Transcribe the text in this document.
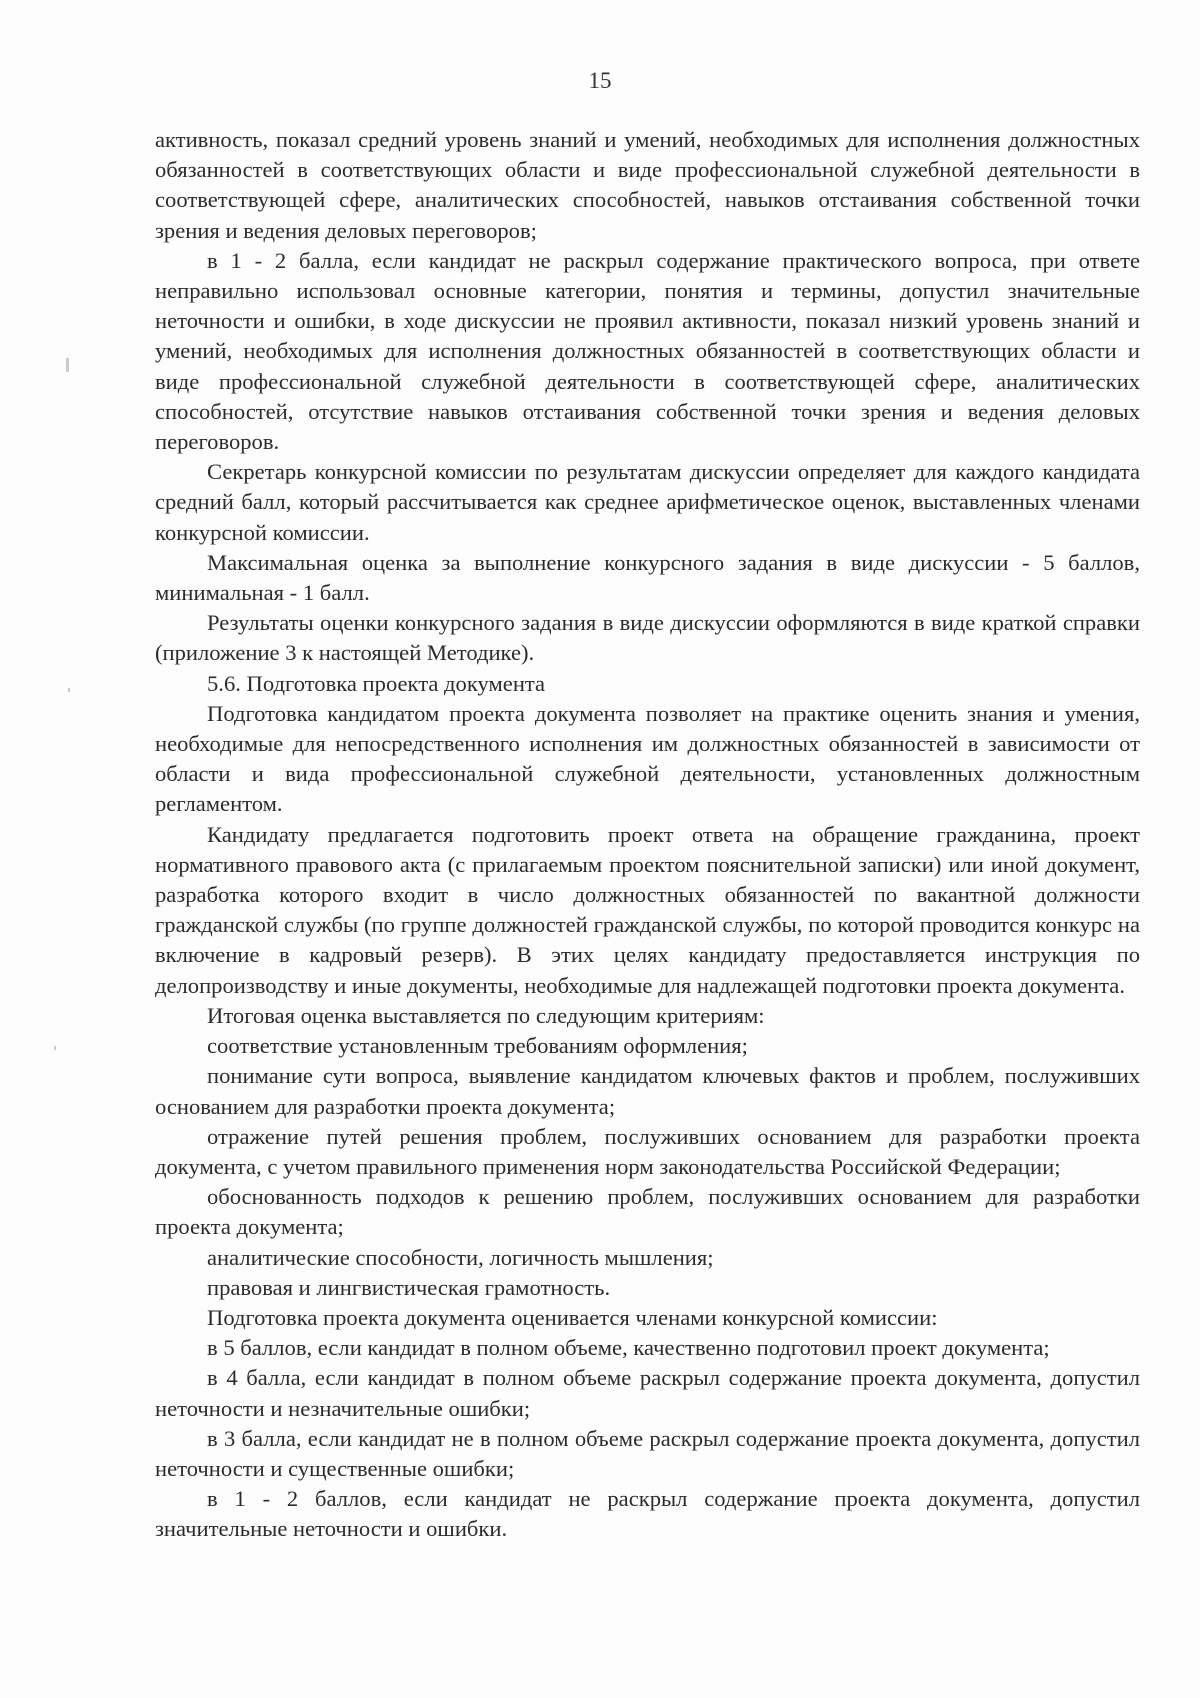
15

активность, показал средний уровень знаний и умений, необходимых для исполнения должностных обязанностей в соответствующих области и виде профессиональной служебной деятельности в соответствующей сфере, аналитических способностей, навыков отстаивания собственной точки зрения и ведения деловых переговоров;

в 1 - 2 балла, если кандидат не раскрыл содержание практического вопроса, при ответе неправильно использовал основные категории, понятия и термины, допустил значительные неточности и ошибки, в ходе дискуссии не проявил активности, показал низкий уровень знаний и умений, необходимых для исполнения должностных обязанностей в соответствующих области и виде профессиональной служебной деятельности в соответствующей сфере, аналитических способностей, отсутствие навыков отстаивания собственной точки зрения и ведения деловых переговоров.

Секретарь конкурсной комиссии по результатам дискуссии определяет для каждого кандидата средний балл, который рассчитывается как среднее арифметическое оценок, выставленных членами конкурсной комиссии.

Максимальная оценка за выполнение конкурсного задания в виде дискуссии - 5 баллов, минимальная - 1 балл.

Результаты оценки конкурсного задания в виде дискуссии оформляются в виде краткой справки (приложение 3 к настоящей Методике).

5.6. Подготовка проекта документа

Подготовка кандидатом проекта документа позволяет на практике оценить знания и умения, необходимые для непосредственного исполнения им должностных обязанностей в зависимости от области и вида профессиональной служебной деятельности, установленных должностным регламентом.

Кандидату предлагается подготовить проект ответа на обращение гражданина, проект нормативного правового акта (с прилагаемым проектом пояснительной записки) или иной документ, разработка которого входит в число должностных обязанностей по вакантной должности гражданской службы (по группе должностей гражданской службы, по которой проводится конкурс на включение в кадровый резерв). В этих целях кандидату предоставляется инструкция по делопроизводству и иные документы, необходимые для надлежащей подготовки проекта документа.

Итоговая оценка выставляется по следующим критериям:

соответствие установленным требованиям оформления;

понимание сути вопроса, выявление кандидатом ключевых фактов и проблем, послуживших основанием для разработки проекта документа;

отражение путей решения проблем, послуживших основанием для разработки проекта документа, с учетом правильного применения норм законодательства Российской Федерации;

обоснованность подходов к решению проблем, послуживших основанием для разработки проекта документа;

аналитические способности, логичность мышления;

правовая и лингвистическая грамотность.

Подготовка проекта документа оценивается членами конкурсной комиссии:

в 5 баллов, если кандидат в полном объеме, качественно подготовил проект документа;

в 4 балла, если кандидат в полном объеме раскрыл содержание проекта документа, допустил неточности и незначительные ошибки;

в 3 балла, если кандидат не в полном объеме раскрыл содержание проекта документа, допустил неточности и существенные ошибки;

в 1 - 2 баллов, если кандидат не раскрыл содержание проекта документа, допустил значительные неточности и ошибки.
